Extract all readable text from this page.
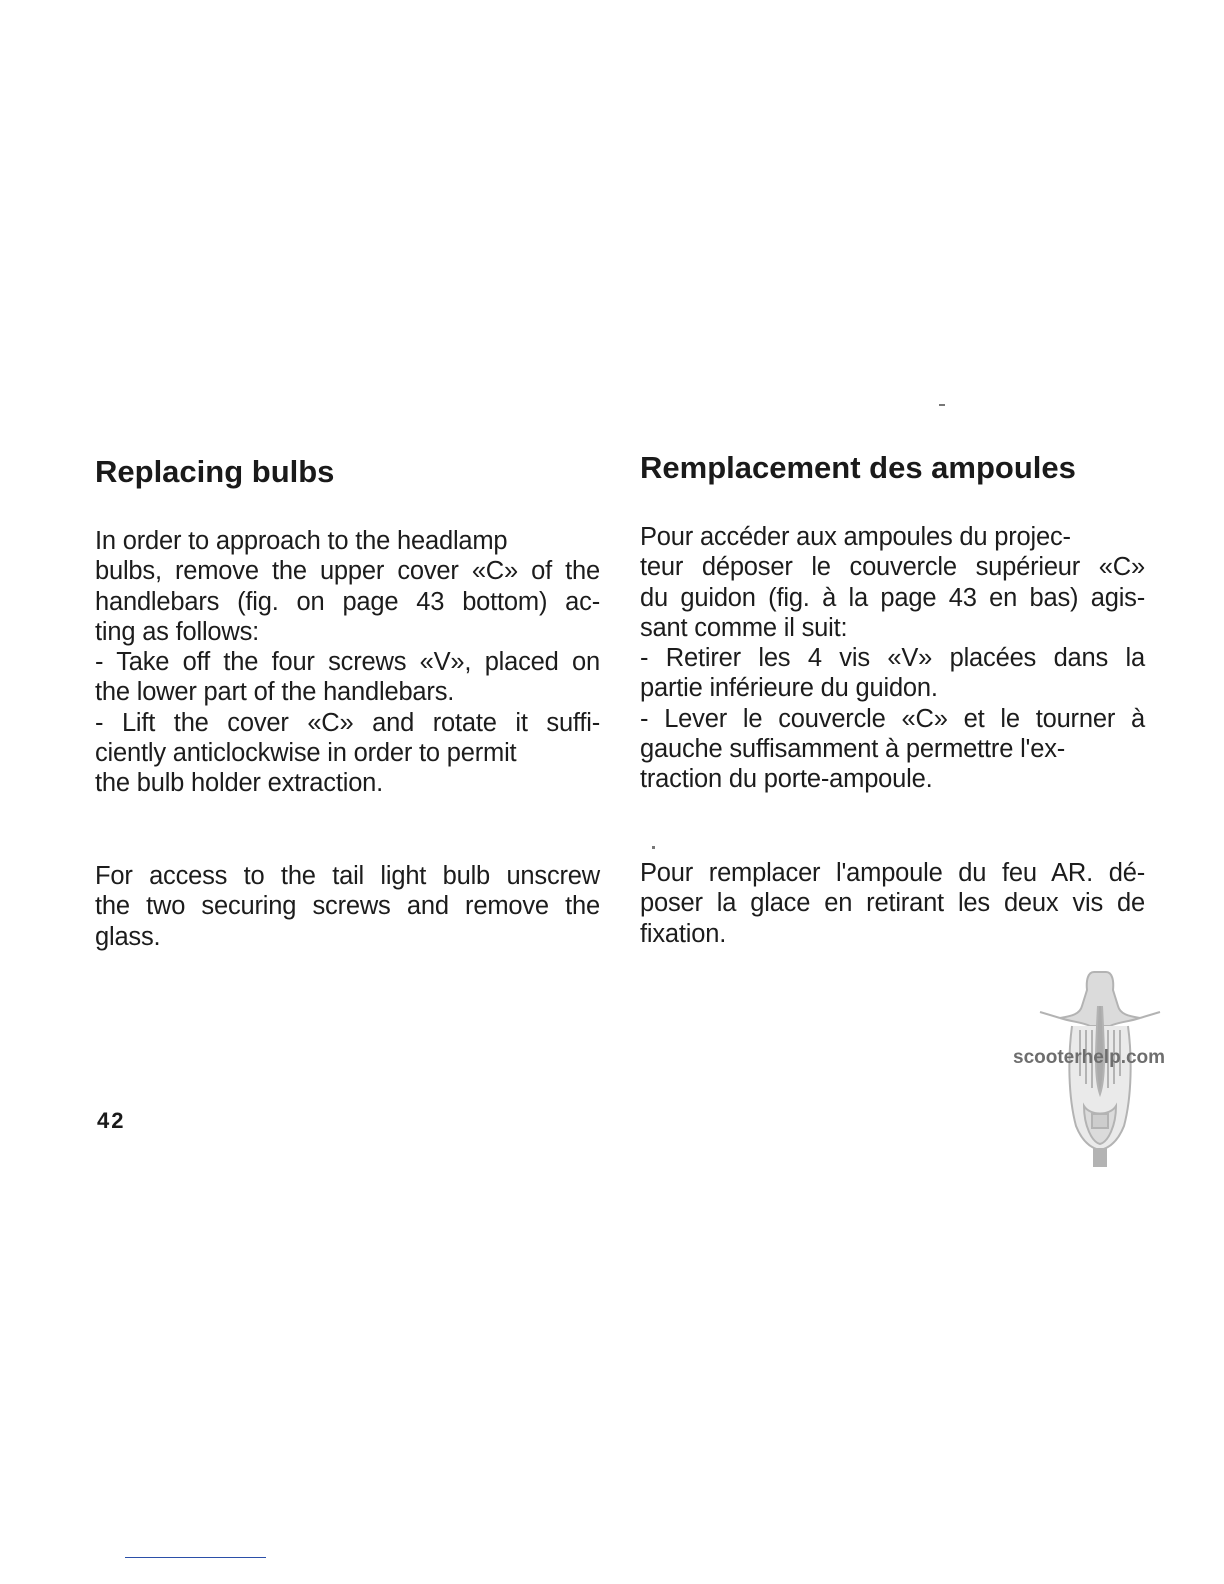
Replacing bulbs

In order to approach to the headlamp
bulbs, remove the upper cover «C» of the
handlebars (fig. on page 43 bottom) ac-
ting as follows:
- Take off the four screws «V», placed on
the lower part of the handlebars.
- Lift the cover «C» and rotate it suffi-
ciently anticlockwise in order to permit
the bulb holder extraction.

For access to the tail light bulb unscrew
the two securing screws and remove the
glass.

Remplacement des ampoules

Pour accéder aux ampoules du projec-
teur déposer le couvercle supérieur «C»
du guidon (fig. à la page 43 en bas) agis-
sant comme il suit:
- Retirer les 4 vis «V» placées dans la
partie inférieure du guidon.
- Lever le couvercle «C» et le tourner à
gauche suffisamment à permettre l'ex-
traction du porte-ampoule.

Pour remplacer l'ampoule du feu AR. dé-
poser la glace en retirant les deux vis de
fixation.

42
scooterhelp.com
